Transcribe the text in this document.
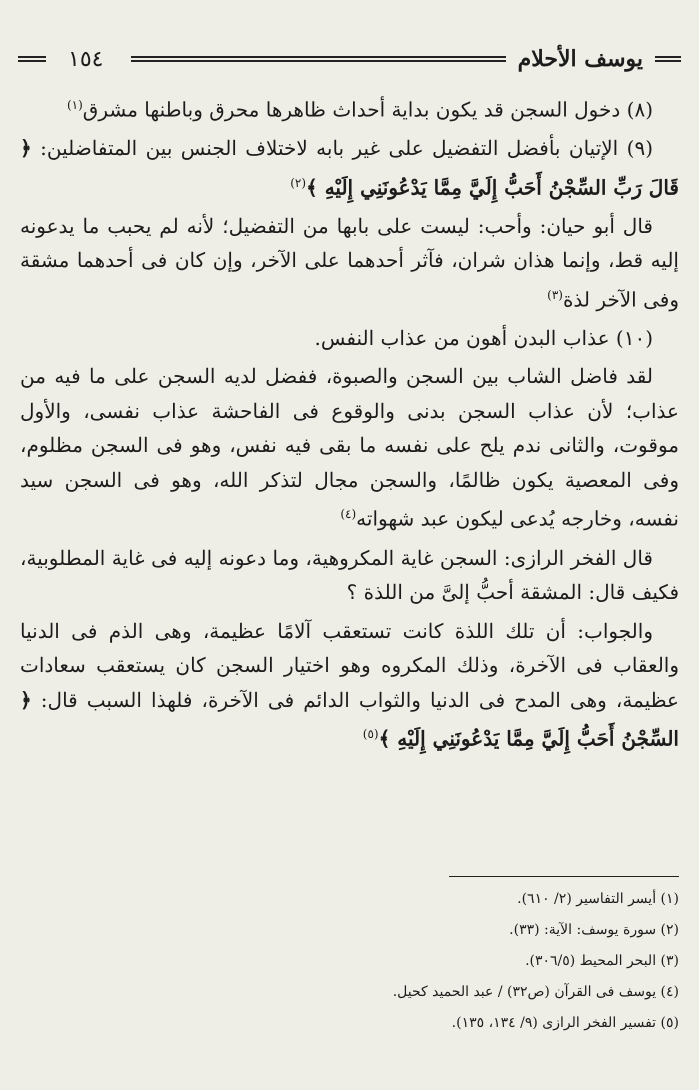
١٥٤	يوسف الأحلام

(٨) دخول السجن قد يكون بداية أحداث ظاهرها محرق وباطنها مشرق$^{(١)}$

(٩) الإتيان بأفضل التفضيل على غير بابه لاختلاف الجنس بين المتفاضلين: ﴿ قَالَ رَبِّ السِّجْنُ أَحَبُّ إِلَيَّ مِمَّا يَدْعُونَنِي إِلَيْهِ ﴾$^{(٢)}$

قال أبو حيان: وأحب: ليست على بابها من التفضيل؛ لأنه لم يحبب ما يدعونه إليه قط، وإنما هذان شران، فآثر أحدهما على الآخر، وإن كان فى أحدهما مشقة وفى الآخر لذة$^{(٣)}$

(١٠) عذاب البدن أهون من عذاب النفس.

لقد فاضل الشاب بين السجن والصبوة، ففضل لديه السجن على ما فيه من عذاب؛ لأن عذاب السجن بدنى والوقوع فى الفاحشة عذاب نفسى، والأول موقوت، والثانى ندم يلح على نفسه ما بقى فيه نفس، وهو فى السجن مظلوم، وفى المعصية يكون ظالمًا، والسجن مجال لتذكر الله، وهو فى السجن سيد نفسه، وخارجه يُدعى ليكون عبد شهواته$^{(٤)}$

قال الفخر الرازى: السجن غاية المكروهية، وما دعونه إليه فى غاية المطلوبية، فكيف قال: المشقة أحبُّ إلىَّ من اللذة ؟

والجواب: أن تلك اللذة كانت تستعقب آلامًا عظيمة، وهى الذم فى الدنيا والعقاب فى الآخرة، وذلك المكروه وهو اختيار السجن كان يستعقب سعادات عظيمة، وهى المدح فى الدنيا والثواب الدائم فى الآخرة، فلهذا السبب قال: ﴿ السِّجْنُ أَحَبُّ إِلَيَّ مِمَّا يَدْعُونَنِي إِلَيْهِ ﴾$^{(٥)}$

(١) أيسر التفاسير (٢/ ٦١٠).
(٢) سورة يوسف: الآية: (٣٣).
(٣) البحر المحيط (٣٠٦/٥).
(٤) يوسف فى القرآن (ص٣٢) / عبد الحميد كحيل.
(٥) تفسير الفخر الرازى (٩/ ١٣٤، ١٣٥).
